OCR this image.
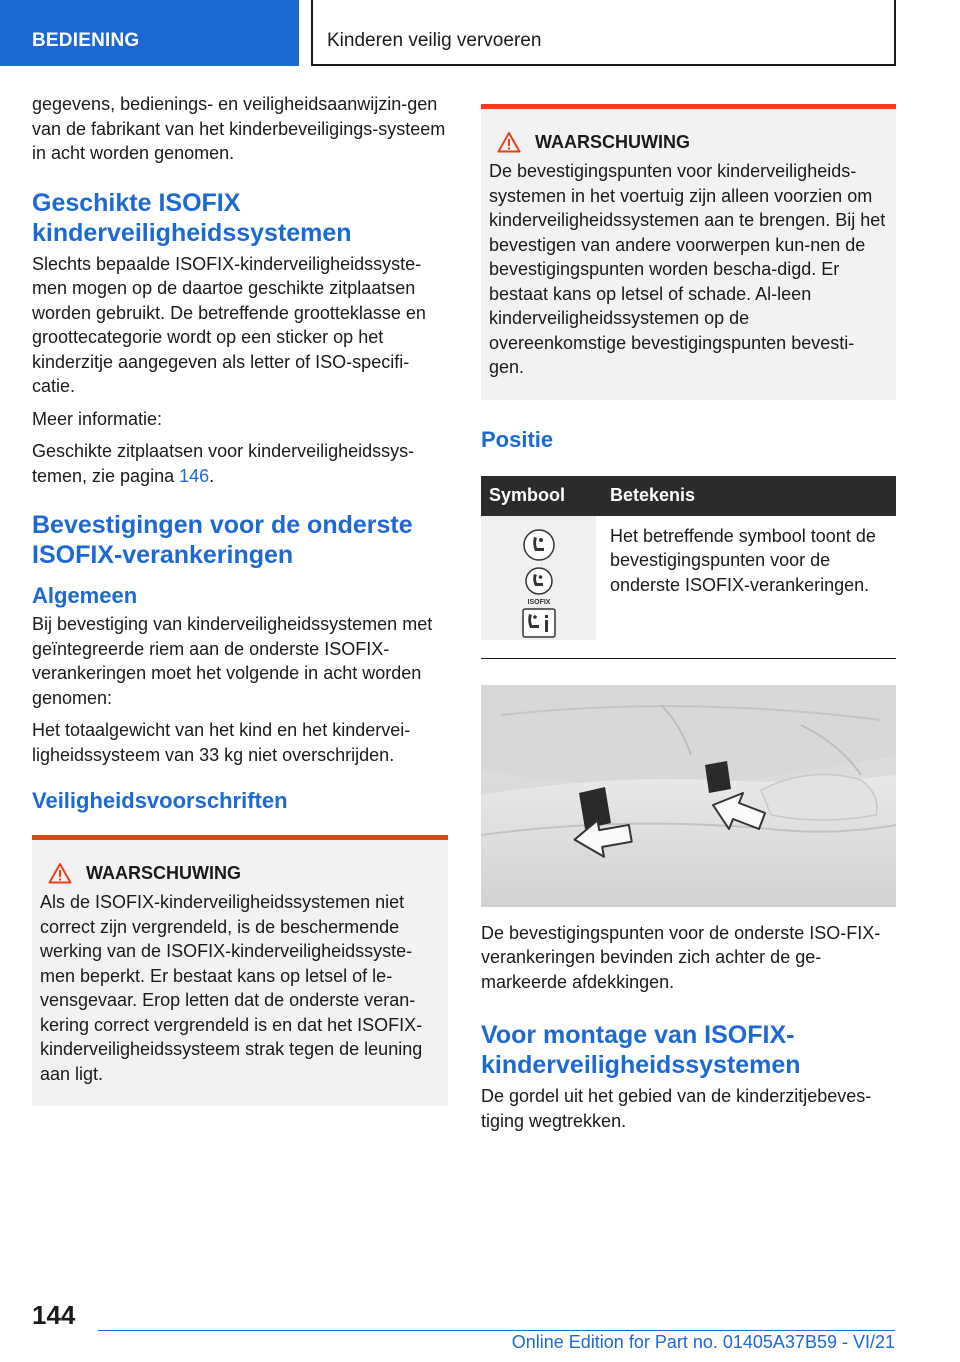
BEDIENING	Kinderen veilig vervoeren

gegevens, bedienings- en veiligheidsaanwijzin-gen van de fabrikant van het kinderbeveiligings-systeem in acht worden genomen.

Geschikte ISOFIX kinderveiligheidssystemen

Slechts bepaalde ISOFIX-kinderveiligheidssyste-men mogen op de daartoe geschikte zitplaatsen worden gebruikt. De betreffende grootteklasse en groottecategorie wordt op een sticker op het kinderzitje aangegeven als letter of ISO-specifi-catie.

Meer informatie:

Geschikte zitplaatsen voor kinderveiligheidssys-temen, zie pagina 146.

Bevestigingen voor de onderste ISOFIX-verankeringen
Algemeen

Bij bevestiging van kinderveiligheidssystemen met geïntegreerde riem aan de onderste ISOFIX-verankeringen moet het volgende in acht worden genomen:

Het totaalgewicht van het kind en het kindervei-ligheidssysteem van 33 kg niet overschrijden.

Veiligheidsvoorschriften
WAARSCHUWING

Als de ISOFIX-kinderveiligheidssystemen niet correct zijn vergrendeld, is de beschermende werking van de ISOFIX-kinderveiligheidssyste-men beperkt. Er bestaat kans op letsel of le-vensgevaar. Erop letten dat de onderste veran-kering correct vergrendeld is en dat het ISOFIX-kinderveiligheidssysteem strak tegen de leuning aan ligt.

WAARSCHUWING

De bevestigingspunten voor kinderveiligheids-systemen in het voertuig zijn alleen voorzien om kinderveiligheidssystemen aan te brengen. Bij het bevestigen van andere voorwerpen kun-nen de bevestigingspunten worden bescha-digd. Er bestaat kans op letsel of schade. Al-leen kinderveiligheidssystemen op de overeenkomstige bevestigingspunten bevesti-gen.

Positie
Symbool	Betekenis

ISOFIX	Het betreffende symbool toont de bevestigingspunten voor de onderste ISOFIX-verankeringen.

De bevestigingspunten voor de onderste ISO-FIX-verankeringen bevinden zich achter de ge-markeerde afdekkingen.

Voor montage van ISOFIX-kinderveiligheidssystemen

De gordel uit het gebied van de kinderzitjebeves-tiging wegtrekken.

144
Online Edition for Part no. 01405A37B59 - VI/21
